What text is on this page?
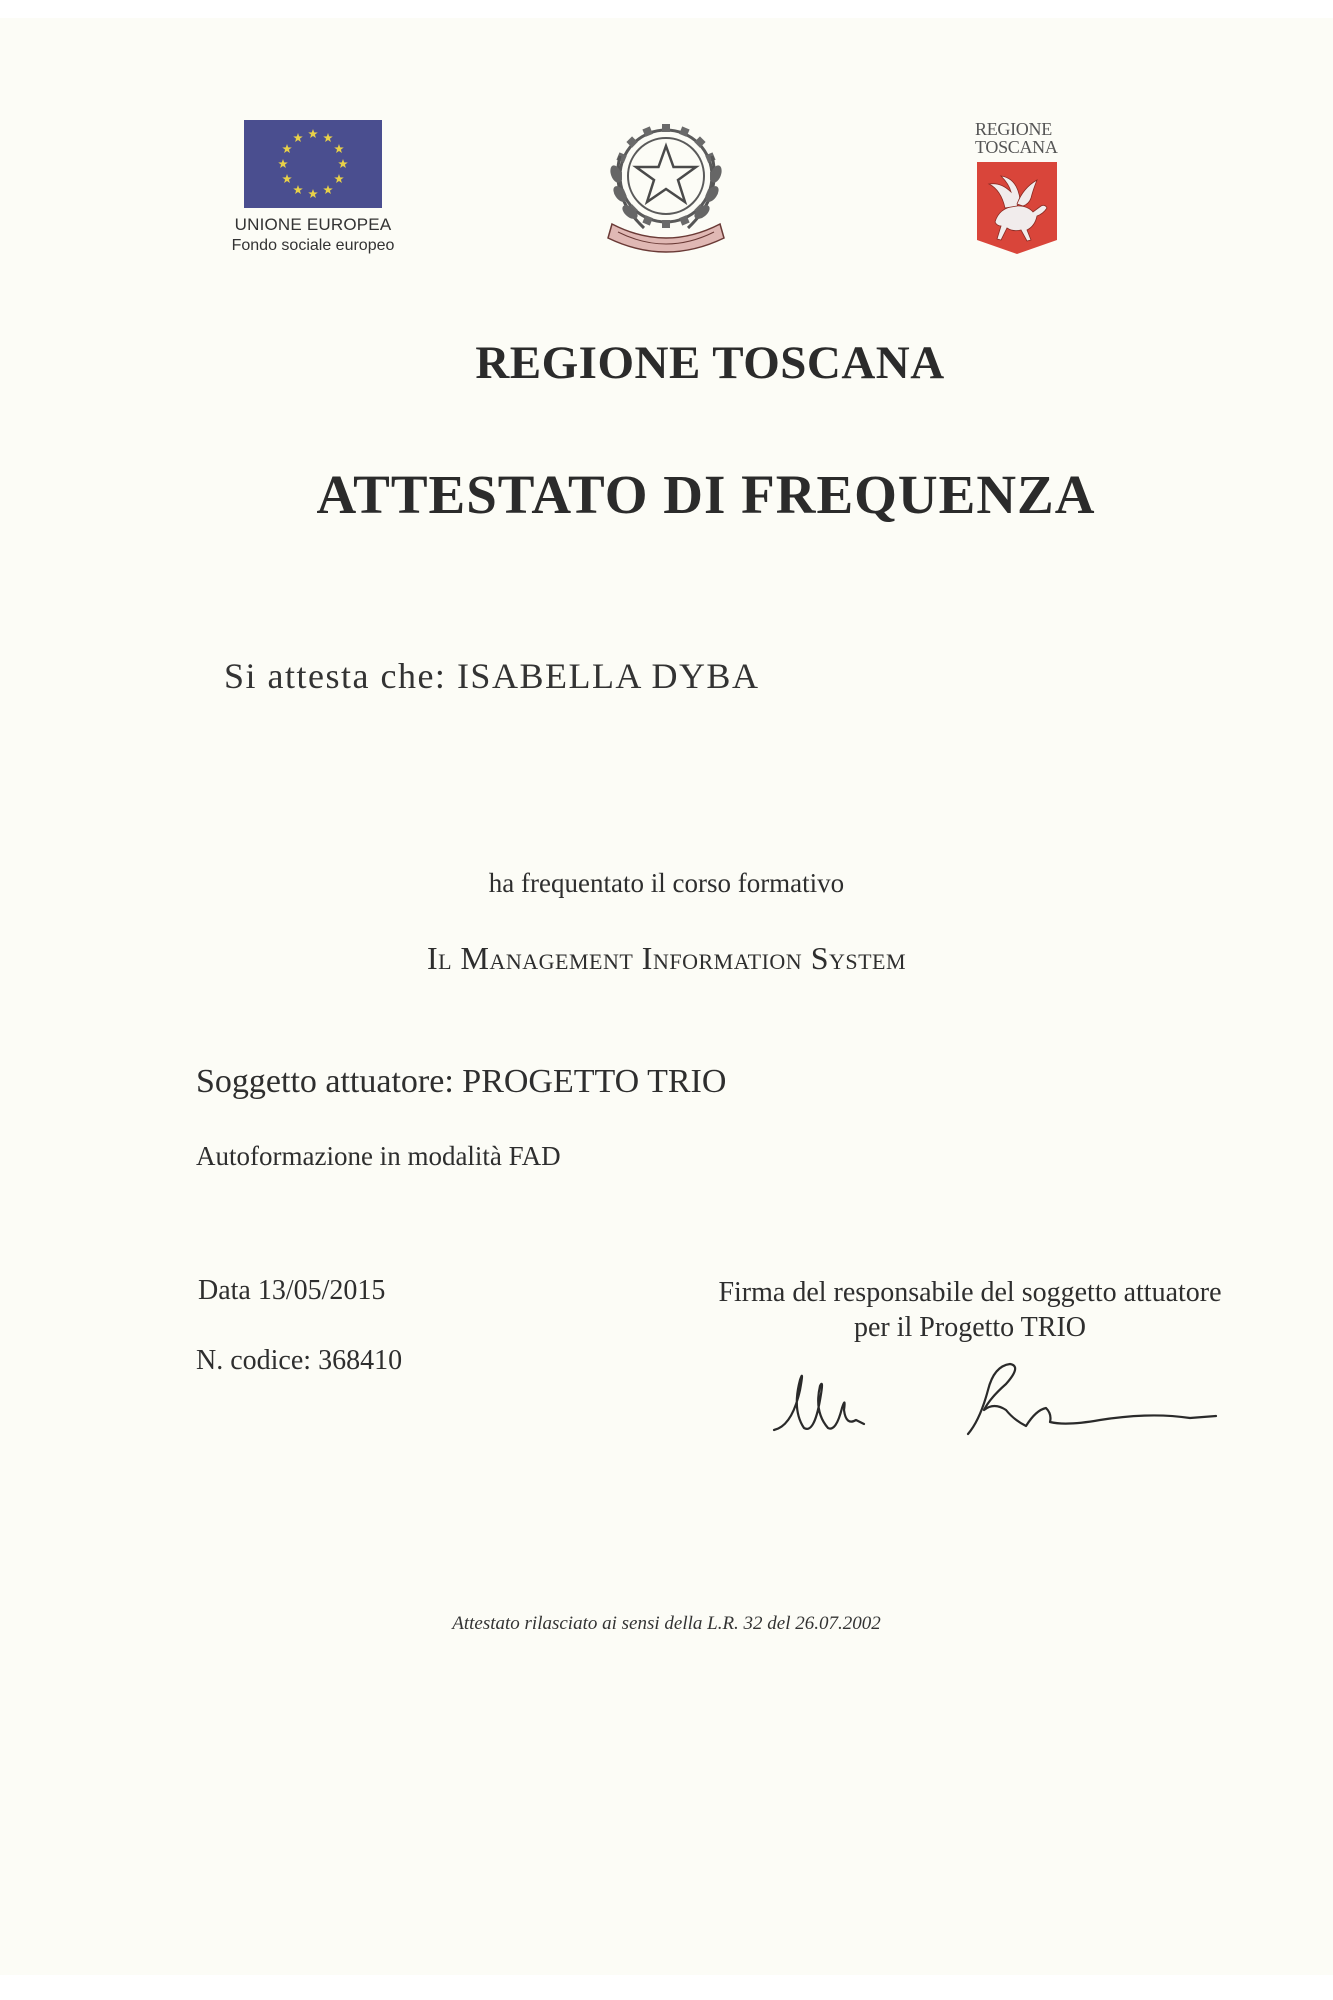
UNIONE EUROPEA
Fondo sociale europeo
REGIONE
TOSCANA
REGIONE TOSCANA
ATTESTATO DI FREQUENZA
Si attesta che: ISABELLA DYBA
ha frequentato il corso formativo
Il Management Information System
Soggetto attuatore: PROGETTO TRIO
Autoformazione in modalità FAD
Data 13/05/2015
N. codice: 368410
Firma del responsabile del soggetto attuatore
per il Progetto TRIO
Attestato rilasciato ai sensi della L.R. 32 del 26.07.2002
